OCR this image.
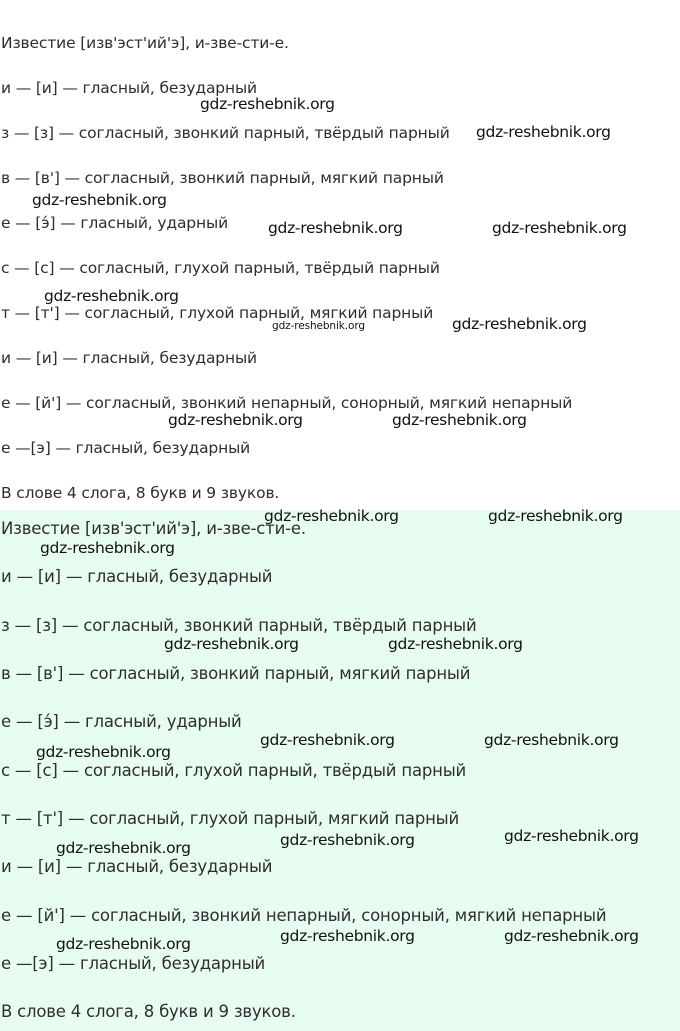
Известие [изв'эст'ий'э], и-зве-сти-е.
и — [и] — гласный, безударный
з — [з] — согласный, звонкий парный, твёрдый парный
в — [в'] — согласный, звонкий парный, мягкий парный
е — [э́] — гласный, ударный
с — [с] — согласный, глухой парный, твёрдый парный
т — [т'] — согласный, глухой парный, мягкий парный
и — [и] — гласный, безударный
е — [й'] — согласный, звонкий непарный, сонорный, мягкий непарный
е —[э] — гласный, безударный
В слове 4 слога, 8 букв и 9 звуков.
gdz-reshebnik.org
gdz-reshebnik.org
gdz-reshebnik.org
gdz-reshebnik.org	gdz-reshebnik.org
gdz-reshebnik.org
gdz-reshebnik.org	gdz-reshebnik.org
gdz-reshebnik.org	gdz-reshebnik.org
Известие [изв'эст'ий'э], и-зве-сти-е.
и — [и] — гласный, безударный
з — [з] — согласный, звонкий парный, твёрдый парный
в — [в'] — согласный, звонкий парный, мягкий парный
е — [э́] — гласный, ударный
с — [с] — согласный, глухой парный, твёрдый парный
т — [т'] — согласный, глухой парный, мягкий парный
и — [и] — гласный, безударный
е — [й'] — согласный, звонкий непарный, сонорный, мягкий непарный
е —[э] — гласный, безударный
В слове 4 слога, 8 букв и 9 звуков.
gdz-reshebnik.org	gdz-reshebnik.org
gdz-reshebnik.org
gdz-reshebnik.org	gdz-reshebnik.org
gdz-reshebnik.org	gdz-reshebnik.org
gdz-reshebnik.org
gdz-reshebnik.org	gdz-reshebnik.org
gdz-reshebnik.org
gdz-reshebnik.org	gdz-reshebnik.org
gdz-reshebnik.org
